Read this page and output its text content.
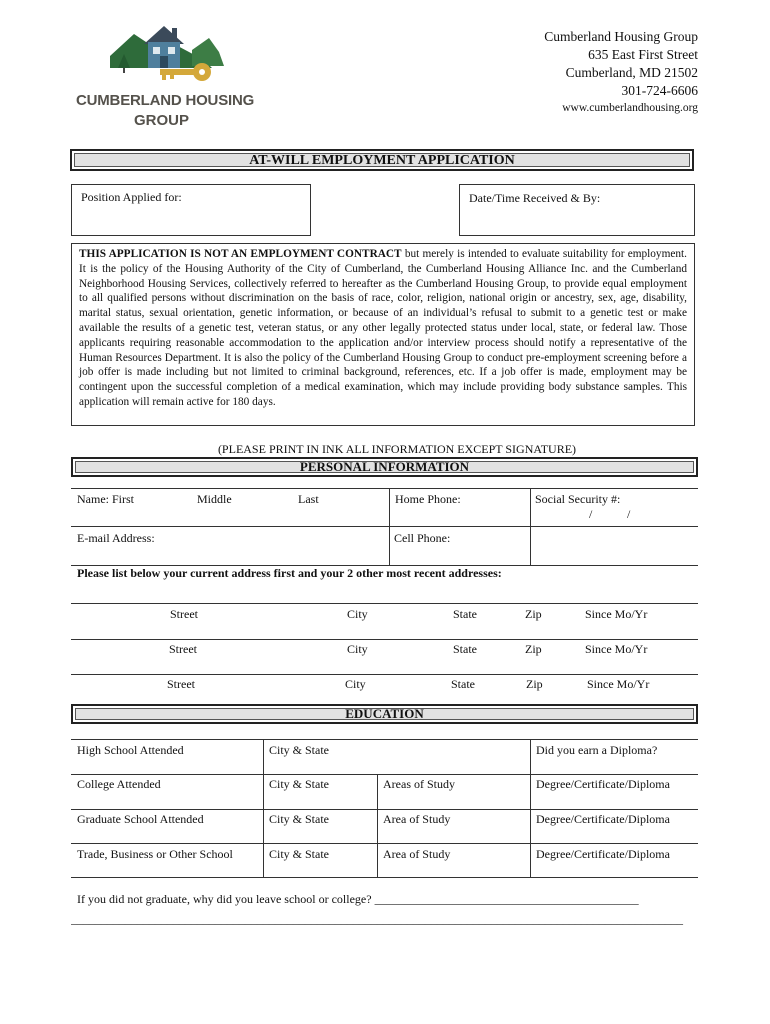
CUMBERLAND HOUSING
GROUP
Cumberland Housing Group
635 East First Street
Cumberland, MD 21502
301-724-6606
www.cumberlandhousing.org
AT-WILL EMPLOYMENT APPLICATION
Position Applied for:	Date/Time Received & By:
THIS APPLICATION IS NOT AN EMPLOYMENT CONTRACT but merely is intended to evaluate suitability for employment. It is the policy of the Housing Authority of the City of Cumberland, the Cumberland Housing Alliance Inc. and the Cumberland Neighborhood Housing Services, collectively referred to hereafter as the Cumberland Housing Group, to provide equal employment to all qualified persons without discrimination on the basis of race, color, religion, national origin or ancestry, sex, age, disability, marital status, sexual orientation, genetic information, or because of an individual’s refusal to submit to a genetic test or make available the results of a genetic test, veteran status, or any other legally protected status under local, state, or federal law. Those applicants requiring reasonable accommodation to the application and/or interview process should notify a representative of the Human Resources Department. It is also the policy of the Cumberland Housing Group to conduct pre-employment screening before a job offer is made including but not limited to criminal background, references, etc. If a job offer is made, employment may be contingent upon the successful completion of a medical examination, which may include providing body substance samples. This application will remain active for 180 days.
(PLEASE PRINT IN INK ALL INFORMATION EXCEPT SIGNATURE)
PERSONAL INFORMATION
Name: First	Middle	Last	Home Phone:	Social Security #:
/	/
E-mail Address:	Cell Phone:
Please list below your current address first and your 2 other most recent addresses:
Street	City	State	Zip	Since Mo/Yr
Street	City	State	Zip	Since Mo/Yr
Street	City	State	Zip	Since Mo/Yr
EDUCATION
High School Attended	City & State	Did you earn a Diploma?
College Attended	City & State	Areas of Study	Degree/Certificate/Diploma
Graduate School Attended	City & State	Area of Study	Degree/Certificate/Diploma
Trade, Business or Other School	City & State	Area of Study	Degree/Certificate/Diploma
If you did not graduate, why did you leave school or college? ____________________________________________
______________________________________________________________________________________________________
